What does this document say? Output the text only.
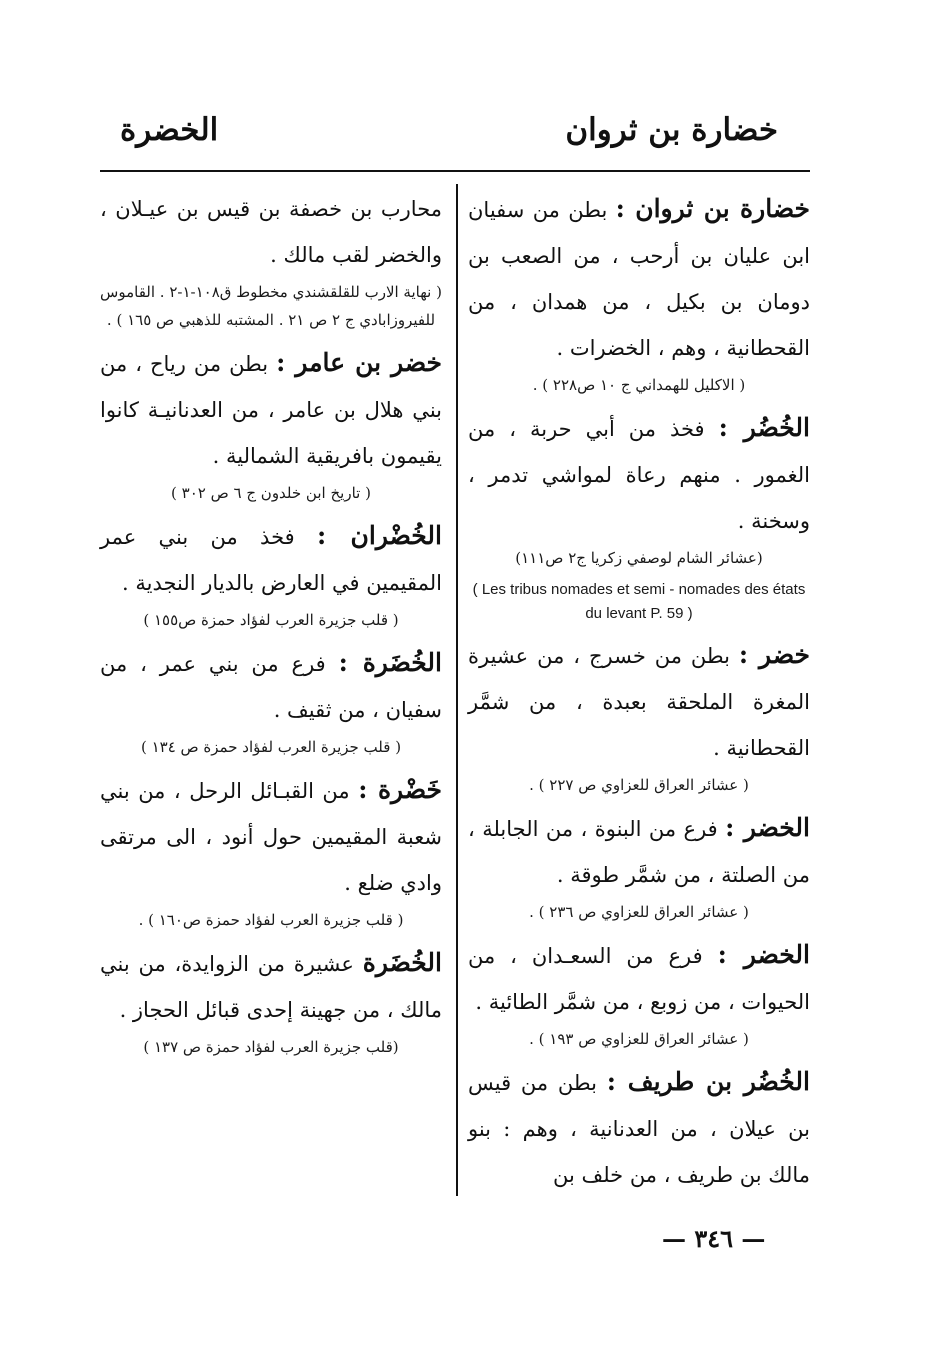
خضارة بن ثروان
الخضرة

خضارة بن ثروان : بطن من سفيان ابن عليان بن أرحب ، من الصعب بن دومان بن بكيل ، من همدان ، من القحطانية ، وهم ، الخضرات .

( الاكليل للهمداني ج ١٠ ص٢٢٨ ) .

الخُضُر : فخذ من أبي حربة ، من الغمور . منهم رعاة لمواشي تدمر ، وسخنة .

(عشائر الشام لوصفي زكريا ج٢ ص١١١)

( Les tribus nomades et semi - nomades des états du levant P. 59 )

خضر : بطن من خسرج ، من عشيرة المغرة الملحقة بعبدة ، من شمَّر القحطانية .

( عشائر العراق للعزاوي ص ٢٢٧ ) .

الخضر : فرع من البنوة ، من الجابلة ، من الصلتة ، من شمَّر طوقة .

( عشائر العراق للعزاوي ص ٢٣٦ ) .

الخضر : فرع من السعـدان ، من الحيوات ، من زوبع ، من شمَّر الطائية .

( عشائر العراق للعزاوي ص ١٩٣ ) .

الخُضُر بن طريف : بطن من قيس بن عيلان ، من العدنانية ، وهم : بنو مالك بن طريف ، من خلف بن

محارب بن خصفة بن قيس بن عيـلان ، والخضر لقب مالك .

( نهاية الارب للقلقشندي مخطوط ق١٠٨-١-٢ . القاموس للفيروزابادي ج ٢ ص ٢١ . المشتبه للذهبي ص ١٦٥ ) .

خضر بن عامر : بطن من رياح ، من بني هلال بن عامر ، من العدنانيـة كانوا يقيمون بافريقية الشمالية .

( تاريخ ابن خلدون ج ٦ ص ٣٠٢ )

الخُضْران : فخذ من بني عمر المقيمين في العارض بالديار النجدية .

( قلب جزيرة العرب لفؤاد حمزة ص١٥٥ )

الخُضَرة : فرع من بني عمر ، من سفيان ، من ثقيف .

( قلب جزيرة العرب لفؤاد حمزة ص ١٣٤ )

خَضْرة : من القبـائل الرحل ، من بني شعبة المقيمين حول أنود ، الى مرتقى وادي ضلع .

( قلب جزيرة العرب لفؤاد حمزة ص١٦٠ ) .

الخُضَرة عشيرة من الزوايدة، من بني مالك ، من جهينة إحدى قبائل الحجاز .

(قلب جزيرة العرب لفؤاد حمزة ص ١٣٧ )

— ٣٤٦ —
